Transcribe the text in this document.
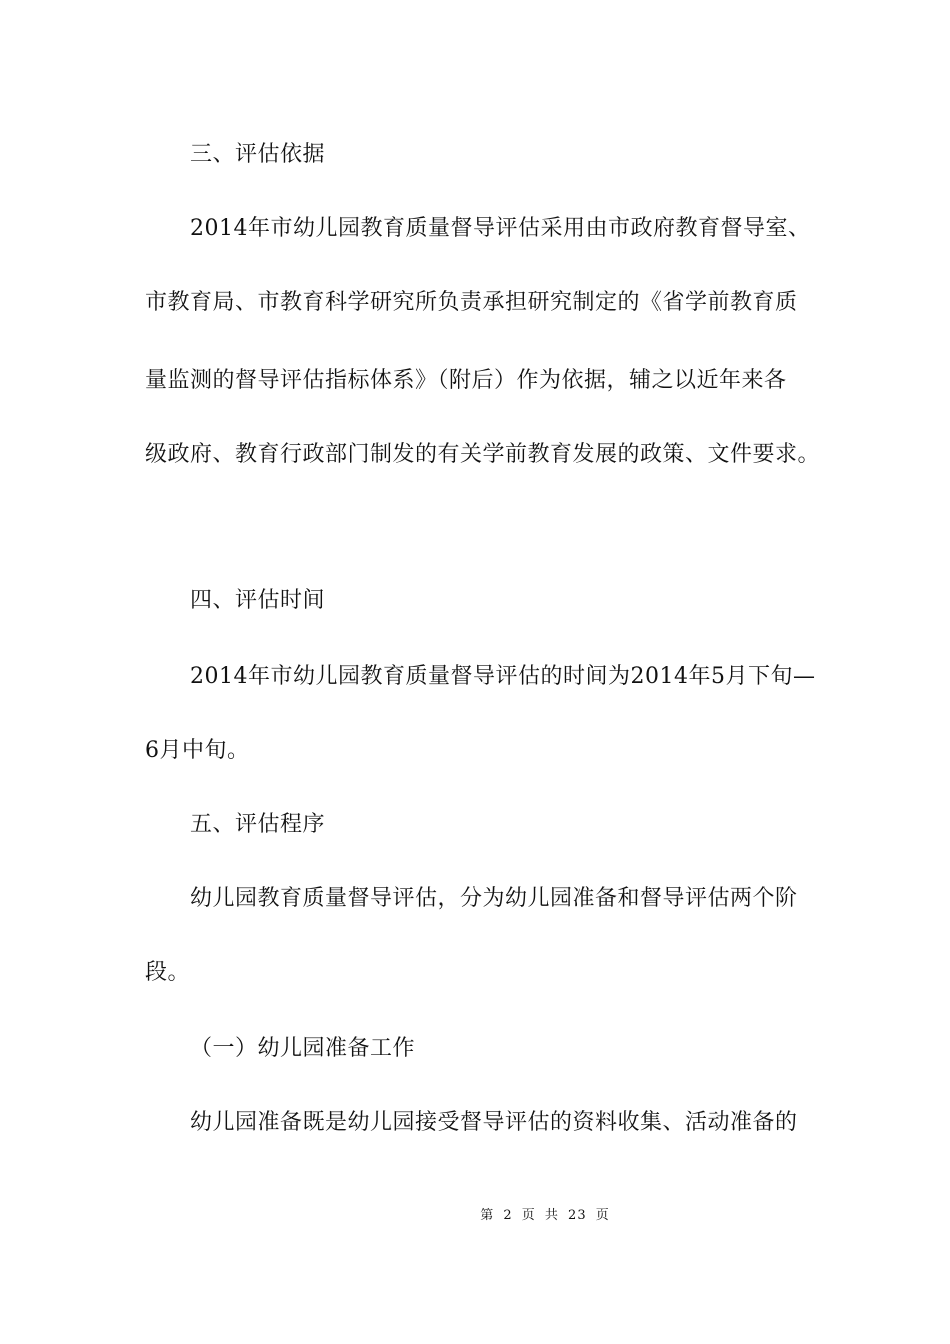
三、评估依据
2014年市幼儿园教育质量督导评估采用由市政府教育督导室、
市教育局、市教育科学研究所负责承担研究制定的《省学前教育质
量监测的督导评估指标体系》（附后）作为依据，辅之以近年来各
级政府、教育行政部门制发的有关学前教育发展的政策、文件要求。
四、评估时间
2014年市幼儿园教育质量督导评估的时间为2014年5月下旬—
6月中旬。
五、评估程序
幼儿园教育质量督导评估，分为幼儿园准备和督导评估两个阶
段。
（一）幼儿园准备工作
幼儿园准备既是幼儿园接受督导评估的资料收集、活动准备的
第 2 页 共 23 页
